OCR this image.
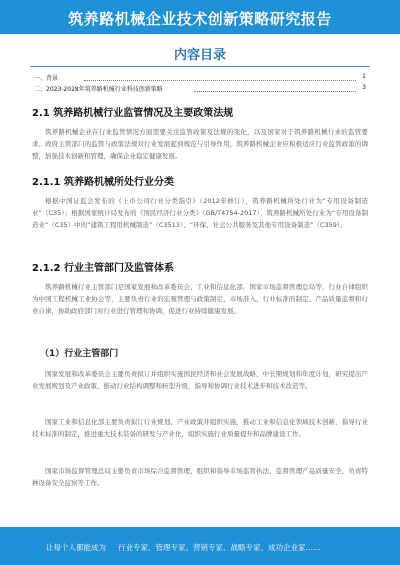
筑养路机械企业技术创新策略研究报告
内容目录
一、背景	1
二、2023-2028年筑养路机械行业科技创新策略	3
2.1 筑养路机械行业监管情况及主要政策法规
筑养路机械企业在行业监管情况方面需要关注监管政策及法规的变化，以及国家对于筑养路机械行业的监管要求。政府主管部门的监管与政策法规对行业发展起到规范与引导作用，筑养路机械企业应积极适应行业监管政策的调整，加强技术创新和管理，确保企业稳定健康发展。
2.1.1 筑养路机械所处行业分类
根据中国证监会发布的《上市公司行业分类指引》（2012年修订），筑养路机械所处行业为“专用设备制造业”（C35）；根据国家统计局发布的《国民经济行业分类》（GB/T4754-2017），筑养路机械所处行业为“专用设备制造业”（C35）中的“建筑工程用机械制造”（C3513）、“环保、社会公共服务及其他专用设备制造”（C359）。
2.1.2 行业主管部门及监管体系
筑养路机械行业主管部门是国家发展和改革委员会、工业和信息化部，国家市场监督管理总局等，行业自律组织为中国工程机械工业协会等，主要负责行业的宏观管理与政策制定，市场准入，行业标准的制定、产品质量监督和行业自律，协助政府部门对行业进行管理和协调，促进行业持续健康发展。
（1）行业主管部门
国家发展和改革委员会主要负责拟订并组织实施国民经济和社会发展战略、中长期规划和年度计划，研究提出产业发展规划及产业政策，推动行业结构调整和转型升级，指导和协调行业技术进步和技术改造等。
国家工业和信息化部主要负责拟订行业规划、产业政策并组织实施，推动工业和信息化领域技术创新，指导行业技术标准的制定，推进重大技术装备的研发与产业化，组织实施行业质量提升和品牌建设工作。
国家市场监督管理总局主要负责市场综合监督管理，组织和指导市场监管执法，监督管理产品质量安全，负责特种设备安全监察等工作。
让每个人都能成为 行业专家、管理专家、营销专家、战略专家、成功企业家……
